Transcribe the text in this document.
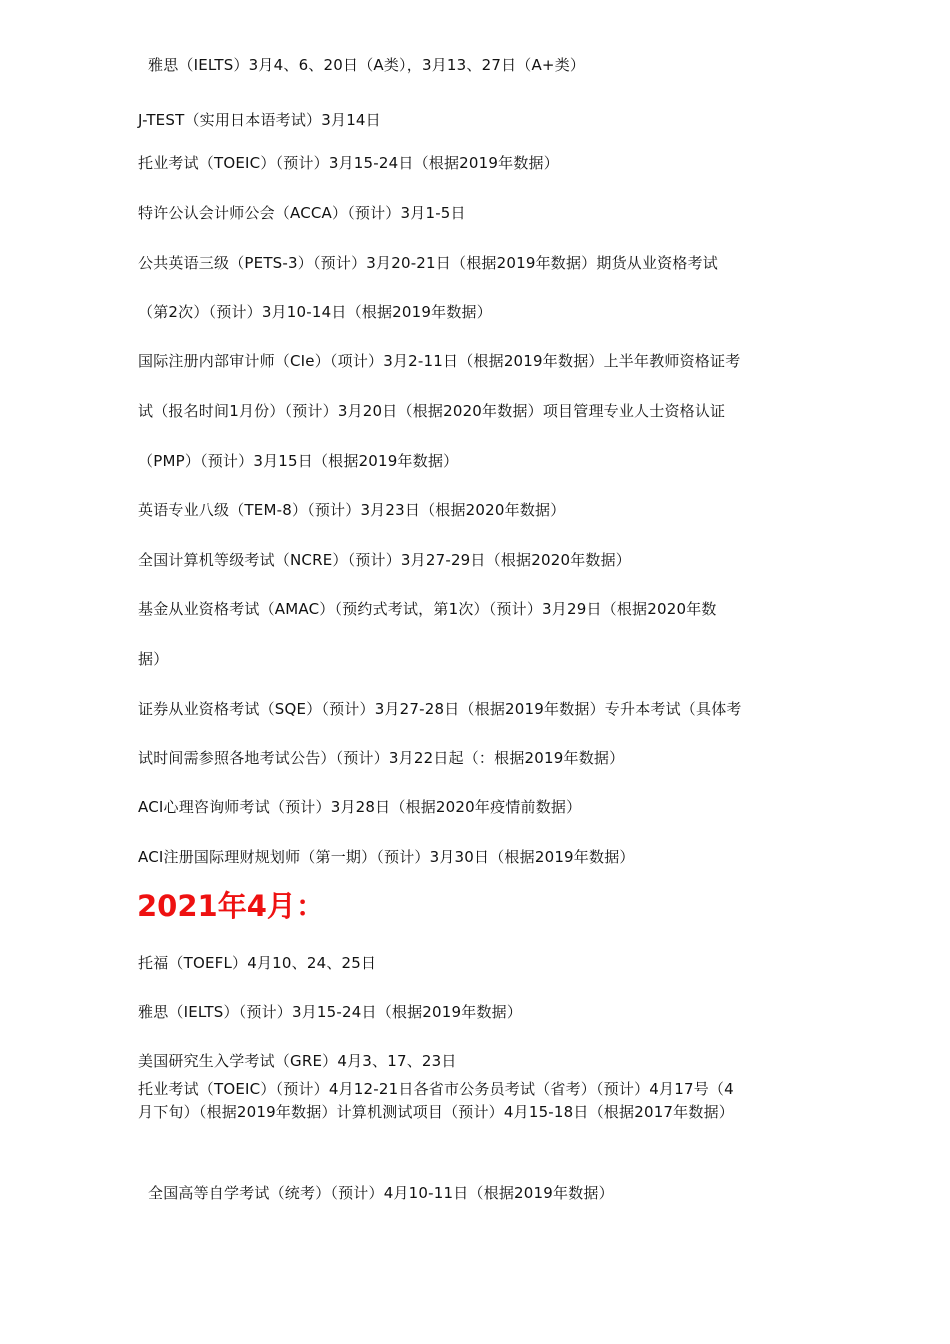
雅思（IELTS）3月4、6、20日（A类），3月13、27日（A+类）
J-TEST（实用日本语考试）3月14日
托业考试（TOEIC）（预计）3月15-24日（根据2019年数据）
特许公认会计师公会（ACCA）（预计）3月1-5日
公共英语三级（PETS-3）（预计）3月20-21日（根据2019年数据）期货从业资格考试
（第2次）（预计）3月10-14日（根据2019年数据）
国际注册内部审计师（CIe）（项计）3月2-11日（根据2019年数据）上半年教师资格证考
试（报名时间1月份）（预计）3月20日（根据2020年数据）项目管理专业人士资格认证
（PMP）（预计）3月15日（根据2019年数据）
英语专业八级（TEM-8）（预计）3月23日（根据2020年数据）
全国计算机等级考试（NCRE）（预计）3月27-29日（根据2020年数据）
基金从业资格考试（AMAC）（预约式考试，第1次）（预计）3月29日（根据2020年数
据）
证券从业资格考试（SQE）（预计）3月27-28日（根据2019年数据）专升本考试（具体考
试时间需参照各地考试公告）（预计）3月22日起（：根据2019年数据）
ACI心理咨询师考试（预计）3月28日（根据2020年疫情前数据）
ACI注册国际理财规划师（第一期）（预计）3月30日（根据2019年数据）
2021年4月：
托福（TOEFL）4月10、24、25日
雅思（IELTS）（预计）3月15-24日（根据2019年数据）
美国研究生入学考试（GRE）4月3、17、23日
托业考试（TOEIC）（预计）4月12-21日各省市公务员考试（省考）（预计）4月17号（4
月下旬）（根据2019年数据）计算机测试项目（预计）4月15-18日（根据2017年数据）
全国高等自学考试（统考）（预计）4月10-11日（根据2019年数据）
